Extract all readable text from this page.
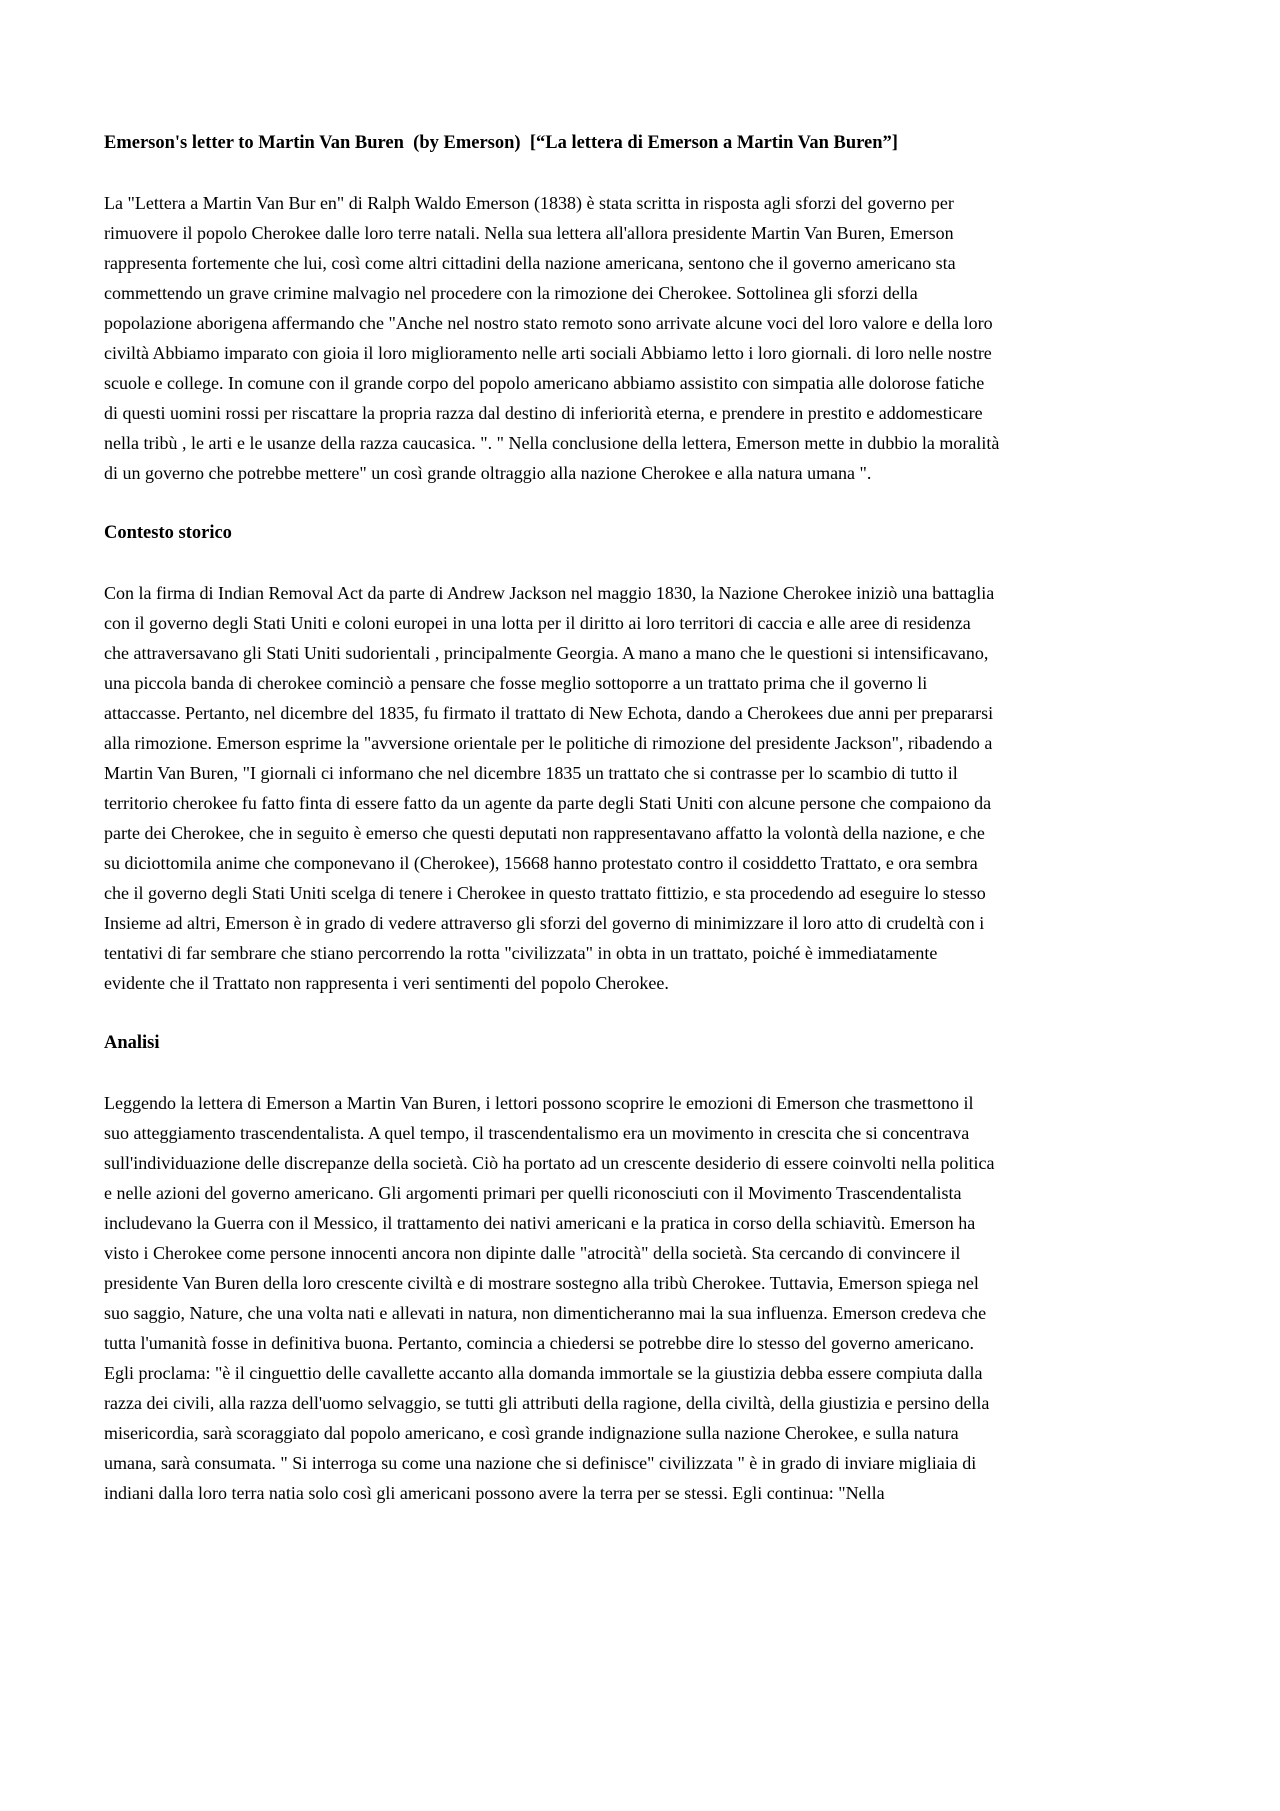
Emerson's letter to Martin Van Buren  (by Emerson)  [“La lettera di Emerson a Martin Van Buren”]

La "Lettera a Martin Van Bur en" di Ralph Waldo Emerson (1838) è stata scritta in risposta agli sforzi del governo per rimuovere il popolo Cherokee dalle loro terre natali. Nella sua lettera all'allora presidente Martin Van Buren, Emerson rappresenta fortemente che lui, così come altri cittadini della nazione americana, sentono che il governo americano sta commettendo un grave crimine malvagio nel procedere con la rimozione dei Cherokee. Sottolinea gli sforzi della popolazione aborigena affermando che "Anche nel nostro stato remoto sono arrivate alcune voci del loro valore e della loro civiltà Abbiamo imparato con gioia il loro miglioramento nelle arti sociali Abbiamo letto i loro giornali. di loro nelle nostre scuole e college. In comune con il grande corpo del popolo americano abbiamo assistito con simpatia alle dolorose fatiche di questi uomini rossi per riscattare la propria razza dal destino di inferiorità eterna, e prendere in prestito e addomesticare nella tribù , le arti e le usanze della razza caucasica. ". " Nella conclusione della lettera, Emerson mette in dubbio la moralità di un governo che potrebbe mettere" un così grande oltraggio alla nazione Cherokee e alla natura umana ".

Contesto storico

Con la firma di Indian Removal Act da parte di Andrew Jackson nel maggio 1830, la Nazione Cherokee iniziò una battaglia con il governo degli Stati Uniti e coloni europei in una lotta per il diritto ai loro territori di caccia e alle aree di residenza che attraversavano gli Stati Uniti sudorientali , principalmente Georgia. A mano a mano che le questioni si intensificavano, una piccola banda di cherokee cominciò a pensare che fosse meglio sottoporre a un trattato prima che il governo li attaccasse. Pertanto, nel dicembre del 1835, fu firmato il trattato di New Echota, dando a Cherokees due anni per prepararsi alla rimozione. Emerson esprime la "avversione orientale per le politiche di rimozione del presidente Jackson", ribadendo a Martin Van Buren, "I giornali ci informano che nel dicembre 1835 un trattato che si contrasse per lo scambio di tutto il territorio cherokee fu fatto finta di essere fatto da un agente da parte degli Stati Uniti con alcune persone che compaiono da parte dei Cherokee, che in seguito è emerso che questi deputati non rappresentavano affatto la volontà della nazione, e che su diciottomila anime che componevano il (Cherokee), 15668 hanno protestato contro il cosiddetto Trattato, e ora sembra che il governo degli Stati Uniti scelga di tenere i Cherokee in questo trattato fittizio, e sta procedendo ad eseguire lo stesso Insieme ad altri, Emerson è in grado di vedere attraverso gli sforzi del governo di minimizzare il loro atto di crudeltà con i tentativi di far sembrare che stiano percorrendo la rotta "civilizzata" in obta in un trattato, poiché è immediatamente evidente che il Trattato non rappresenta i veri sentimenti del popolo Cherokee.

Analisi

Leggendo la lettera di Emerson a Martin Van Buren, i lettori possono scoprire le emozioni di Emerson che trasmettono il suo atteggiamento trascendentalista. A quel tempo, il trascendentalismo era un movimento in crescita che si concentrava sull'individuazione delle discrepanze della società. Ciò ha portato ad un crescente desiderio di essere coinvolti nella politica e nelle azioni del governo americano. Gli argomenti primari per quelli riconosciuti con il Movimento Trascendentalista includevano la Guerra con il Messico, il trattamento dei nativi americani e la pratica in corso della schiavitù. Emerson ha visto i Cherokee come persone innocenti ancora non dipinte dalle "atrocità" della società. Sta cercando di convincere il presidente Van Buren della loro crescente civiltà e di mostrare sostegno alla tribù Cherokee. Tuttavia, Emerson spiega nel suo saggio, Nature, che una volta nati e allevati in natura, non dimenticheranno mai la sua influenza. Emerson credeva che tutta l'umanità fosse in definitiva buona. Pertanto, comincia a chiedersi se potrebbe dire lo stesso del governo americano. Egli proclama: "è il cinguettio delle cavallette accanto alla domanda immortale se la giustizia debba essere compiuta dalla razza dei civili, alla razza dell'uomo selvaggio, se tutti gli attributi della ragione, della civiltà, della giustizia e persino della misericordia, sarà scoraggiato dal popolo americano, e così grande indignazione sulla nazione Cherokee, e sulla natura umana, sarà consumata. " Si interroga su come una nazione che si definisce" civilizzata " è in grado di inviare migliaia di indiani dalla loro terra natia solo così gli americani possono avere la terra per se stessi. Egli continua: "Nella
